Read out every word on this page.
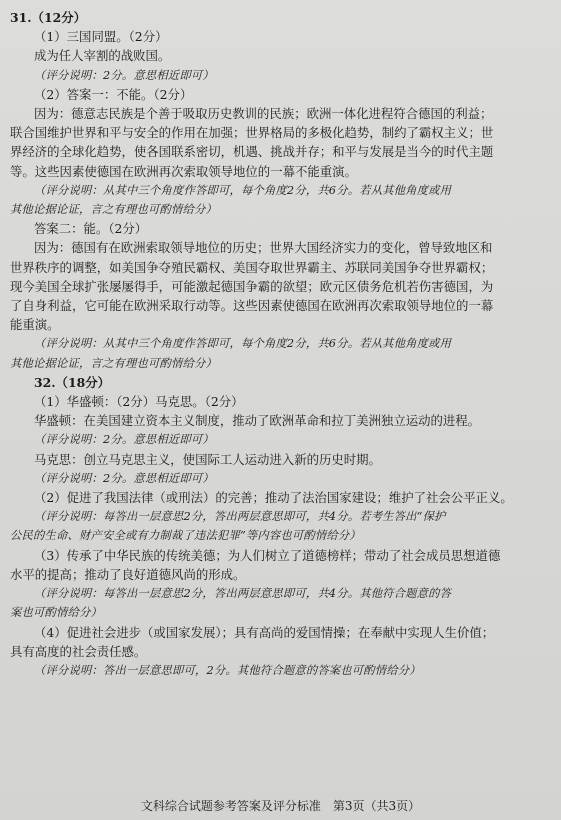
31.（12分）
（1）三国同盟。（2分）
成为任人宰割的战败国。
（评分说明：2分。意思相近即可）
（2）答案一：不能。（2分）
因为：德意志民族是个善于吸取历史教训的民族；欧洲一体化进程符合德国的利益；
联合国维护世界和平与安全的作用在加强；世界格局的多极化趋势，制约了霸权主义；世
界经济的全球化趋势，使各国联系密切，机遇、挑战并存；和平与发展是当今的时代主题
等。这些因素使德国在欧洲再次索取领导地位的一幕不能重演。
（评分说明：从其中三个角度作答即可，每个角度2分，共6分。若从其他角度或用
其他论据论证，言之有理也可酌情给分）
答案二：能。（2分）
因为：德国有在欧洲索取领导地位的历史；世界大国经济实力的变化，曾导致地区和
世界秩序的调整，如美国争夺殖民霸权、美国夺取世界霸主、苏联同美国争夺世界霸权；
现今美国全球扩张屡屡得手，可能激起德国争霸的欲望；欧元区债务危机若伤害德国，为
了自身利益，它可能在欧洲采取行动等。这些因素使德国在欧洲再次索取领导地位的一幕
能重演。
（评分说明：从其中三个角度作答即可，每个角度2分，共6分。若从其他角度或用
其他论据论证，言之有理也可酌情给分）
32.（18分）
（1）华盛顿：（2分）马克思。（2分）
华盛顿：在美国建立资本主义制度，推动了欧洲革命和拉丁美洲独立运动的进程。
（评分说明：2分。意思相近即可）
马克思：创立马克思主义，使国际工人运动进入新的历史时期。
（评分说明：2分。意思相近即可）
（2）促进了我国法律（或刑法）的完善；推动了法治国家建设；维护了社会公平正义。
（评分说明：每答出一层意思2分，答出两层意思即可，共4分。若考生答出“保护
公民的生命、财产安全或有力制裁了违法犯罪”等内容也可酌情给分）
（3）传承了中华民族的传统美德；为人们树立了道德榜样；带动了社会成员思想道德
水平的提高；推动了良好道德风尚的形成。
（评分说明：每答出一层意思2分，答出两层意思即可，共4分。其他符合题意的答
案也可酌情给分）
（4）促进社会进步（或国家发展）；具有高尚的爱国情操；在奉献中实现人生价值；
具有高度的社会责任感。
（评分说明：答出一层意思即可，2分。其他符合题意的答案也可酌情给分）
文科综合试题参考答案及评分标准　第3页（共3页）
